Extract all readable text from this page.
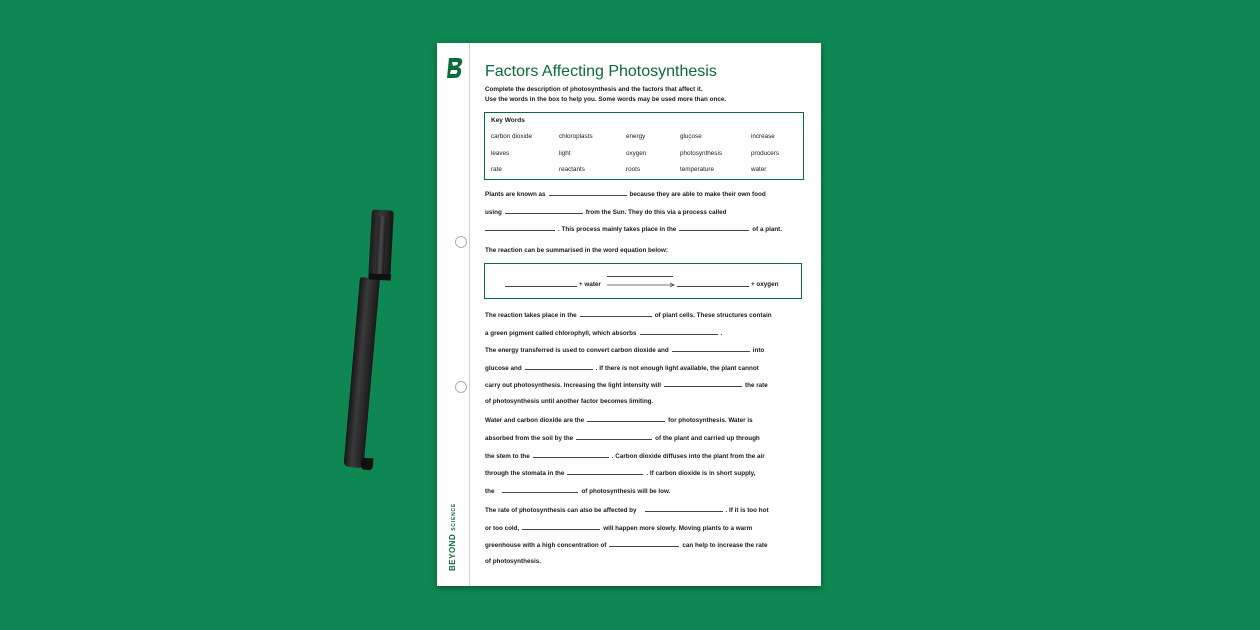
BEYONDSCIENCE
Factors Affecting Photosynthesis
Complete the description of photosynthesis and the factors that affect it.
Use the words in the box to help you. Some words may be used more than once.
Key Words
carbon dioxide	chloroplasts	energy	glucose	increase
leaves	light	oxygen	photosynthesis	producers
rate	reactants	roots	temperature	water
Plants are known as	because they are able to make their own food
using	from the Sun. They do this via a process called
. This process mainly takes place in the	of a plant.
The reaction can be summarised in the word equation below:
+ water	+ oxygen
The reaction takes place in the	of plant cells. These structures contain
a green pigment called chlorophyll, which absorbs	.
The energy transferred is used to convert carbon dioxide and	into
glucose and	. If there is not enough light available, the plant cannot
carry out photosynthesis. Increasing the light intensity will	the rate
of photosynthesis until another factor becomes limiting.
Water and carbon dioxide are the	for photosynthesis. Water is
absorbed from the soil by the	of the plant and carried up through
the stem to the	. Carbon dioxide diffuses into the plant from the air
through the stomata in the	. If carbon dioxide is in short supply,
the	of photosynthesis will be low.
The rate of photosynthesis can also be affected by	. If it is too hot
or too cold,	will happen more slowly. Moving plants to a warm
greenhouse with a high concentration of	can help to increase the rate
of photosynthesis.
